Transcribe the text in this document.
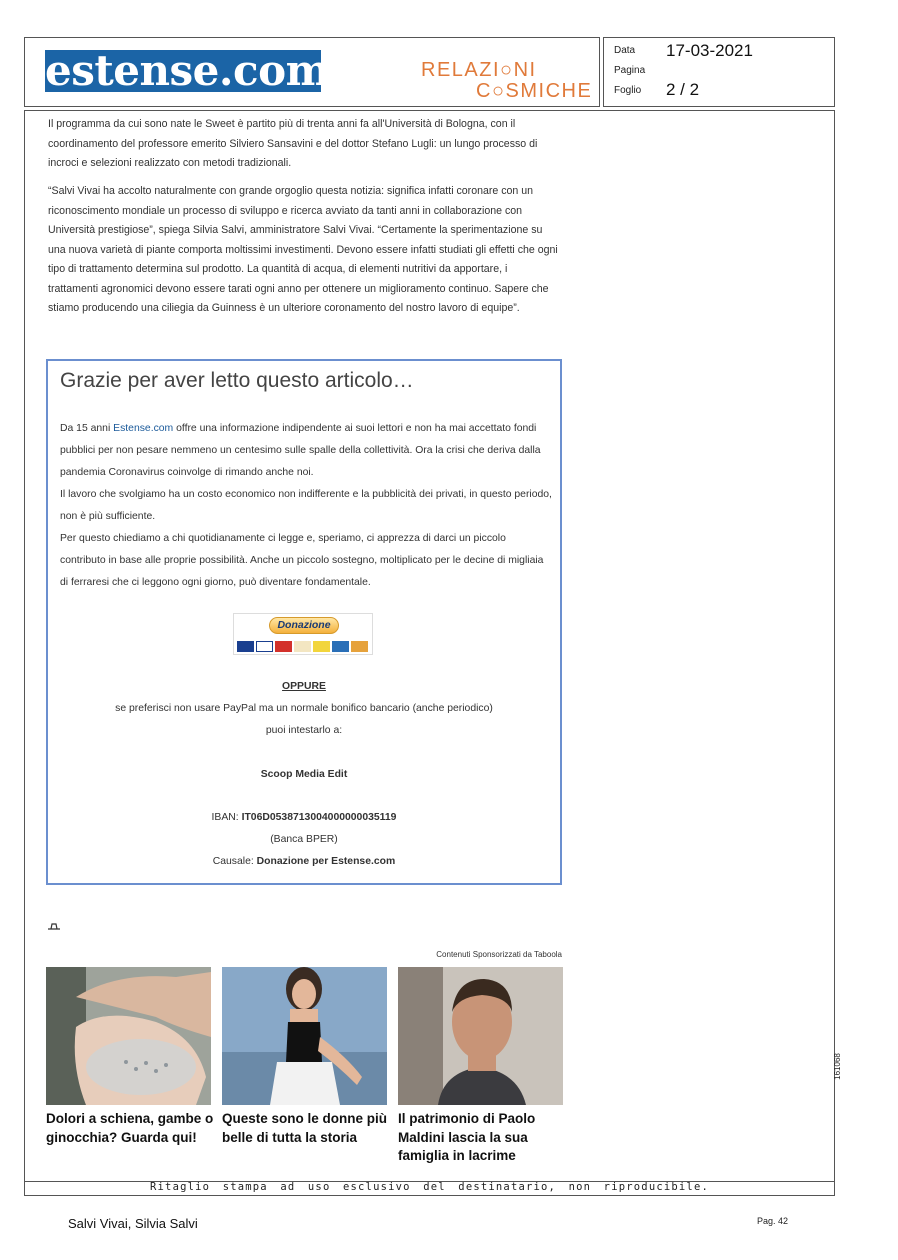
estense.com	RELAZI○NI
C○SMICHE
Data 17-03-2021
Pagina
Foglio 2 / 2

Il programma da cui sono nate le Sweet è partito più di trenta anni fa all'Università di Bologna, con il coordinamento del professore emerito Silviero Sansavini e del dottor Stefano Lugli: un lungo processo di incroci e selezioni realizzato con metodi tradizionali.

“Salvi Vivai ha accolto naturalmente con grande orgoglio questa notizia: significa infatti coronare con un riconoscimento mondiale un processo di sviluppo e ricerca avviato da tanti anni in collaborazione con Università prestigiose”, spiega Silvia Salvi, amministratore Salvi Vivai. “Certamente la sperimentazione su una nuova varietà di piante comporta moltissimi investimenti. Devono essere infatti studiati gli effetti che ogni tipo di trattamento determina sul prodotto. La quantità di acqua, di elementi nutritivi da apportare, i trattamenti agronomici devono essere tarati ogni anno per ottenere un miglioramento continuo. Sapere che stiamo producendo una ciliegia da Guinness è un ulteriore coronamento del nostro lavoro di equipe”.

Grazie per aver letto questo articolo…

Da 15 anni Estense.com offre una informazione indipendente ai suoi lettori e non ha mai accettato fondi pubblici per non pesare nemmeno un centesimo sulle spalle della collettività. Ora la crisi che deriva dalla pandemia Coronavirus coinvolge di rimando anche noi.
Il lavoro che svolgiamo ha un costo economico non indifferente e la pubblicità dei privati, in questo periodo, non è più sufficiente.
Per questo chiediamo a chi quotidianamente ci legge e, speriamo, ci apprezza di darci un piccolo contributo in base alle proprie possibilità. Anche un piccolo sostegno, moltiplicato per le decine di migliaia di ferraresi che ci leggono ogni giorno, può diventare fondamentale.

Donazione
OPPURE
se preferisci non usare PayPal ma un normale bonifico bancario (anche periodico)
puoi intestarlo a:
Scoop Media Edit
IBAN: IT06D0538713004000000035119
(Banca BPER)
Causale: Donazione per Estense.com
Contenuti Sponsorizzati da Taboola

Dolori a schiena, gambe o ginocchia? Guarda qui!

Queste sono le donne più belle di tutta la storia

Il patrimonio di Paolo Maldini lascia la sua famiglia in lacrime

161068
Ritaglio stampa ad uso esclusivo del destinatario, non riproducibile.
Salvi Vivai, Silvia Salvi	Pag. 42
